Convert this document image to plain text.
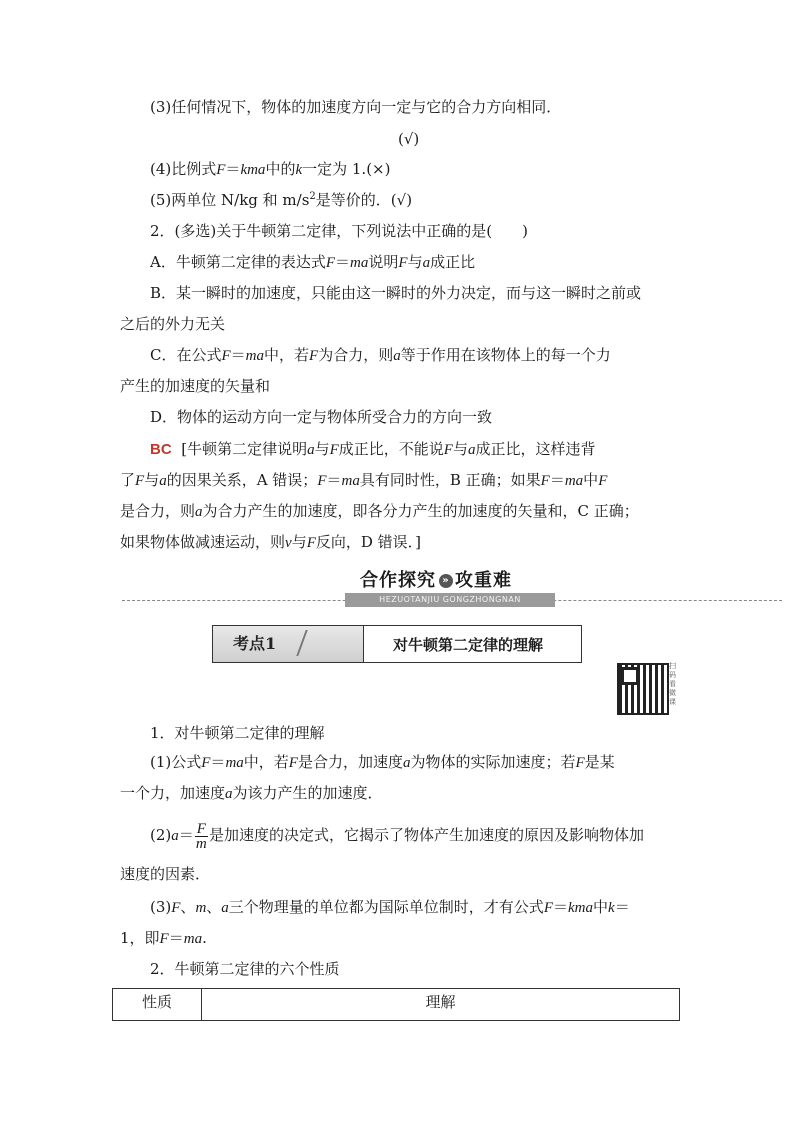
(3)任何情况下，物体的加速度方向一定与它的合力方向相同．
(√)
(4)比例式F＝kma中的k一定为 1.(×)
(5)两单位 N/kg 和 $m/s^2$是等价的．(√)
2．(多选)关于牛顿第二定律，下列说法中正确的是(　　)
A．牛顿第二定律的表达式F＝ma说明F与a成正比
B．某一瞬时的加速度，只能由这一瞬时的外力决定，而与这一瞬时之前或
之后的外力无关
C．在公式F＝ma中，若F为合力，则a等于作用在该物体上的每一个力
产生的加速度的矢量和
D．物体的运动方向一定与物体所受合力的方向一致
BC [牛顿第二定律说明a与F成正比，不能说F与a成正比，这样违背
了F与a的因果关系，A 错误；F＝ma具有同时性，B 正确；如果F＝ma中F
是合力，则a为合力产生的加速度，即各分力产生的加速度的矢量和，C 正确；
如果物体做减速运动，则v与F反向，D 错误．]
合作探究 » 攻重难
HEZUOTANJIU GONGZHONGNAN
考点1	对牛顿第二定律的理解
扫码看微课
1．对牛顿第二定律的理解
(1)公式F＝ma中，若F是合力，加速度a为物体的实际加速度；若F是某
一个力，加速度a为该力产生的加速度．
$(2)a= \frac{F}{m}$ 是加速度的决定式，它揭示了物体产生加速度的原因及影响物体加
速度的因素．
(3)F、m、a三个物理量的单位都为国际单位制时，才有公式F＝kma中k＝
1，即F＝ma.
2．牛顿第二定律的六个性质
性质	理解
